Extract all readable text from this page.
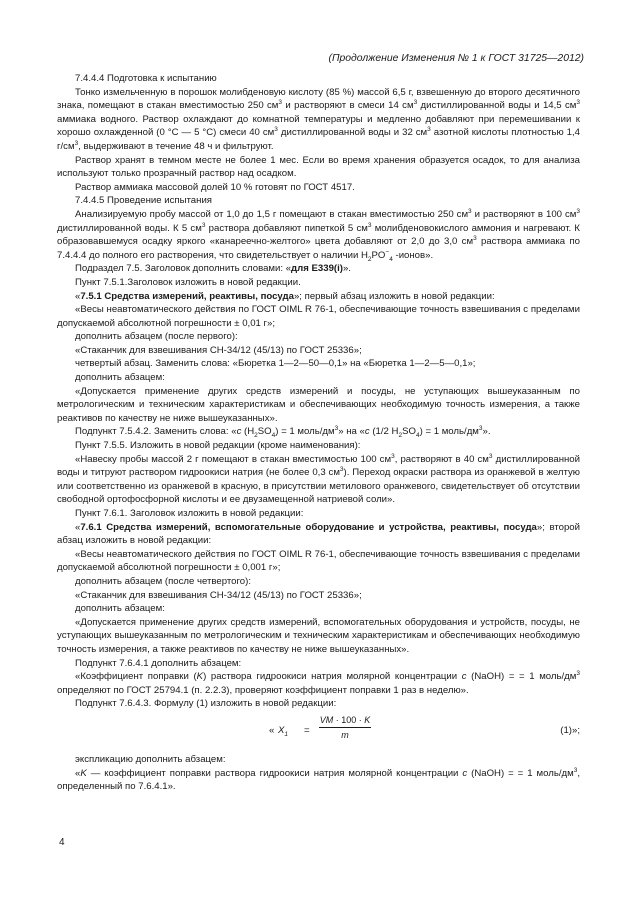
(Продолжение Изменения № 1 к ГОСТ 31725—2012)

7.4.4.4 Подготовка к испытанию

Тонко измельченную в порошок молибденовую кислоту (85 %) массой 6,5 г, взвешенную до второго десятичного знака, помещают в стакан вместимостью 250 $см^3$ и растворяют в смеси 14 $см^3$ дистиллированной воды и 14,5 $см^3$ аммиака водного. Раствор охлаждают до комнатной температуры и медленно добавляют при перемешивании к хорошо охлажденной (0 °С — 5 °С) смеси 40 $см^3$ дистиллированной воды и 32 $см^3$ азотной кислоты плотностью 1,4 $г/см^3$, выдерживают в течение 48 ч и фильтруют.

Раствор хранят в темном месте не более 1 мес. Если во время хранения образуется осадок, то для анализа используют только прозрачный раствор над осадком.

Раствор аммиака массовой долей 10 % готовят по ГОСТ 4517.

7.4.4.5 Проведение испытания

Анализируемую пробу массой от 1,0 до 1,5 г помещают в стакан вместимостью 250 $см^3$ и растворяют в 100 $см^3$ дистиллированной воды. К 5 $см^3$ раствора добавляют пипеткой 5 $см^3$ молибденовокислого аммония и нагревают. К образовавшемуся осадку яркого «канареечно-желтого» цвета добавляют от 2,0 до 3,0 $см^3$ раствора аммиака по 7.4.4.4 до полного его растворения, что свидетельствует о наличии $H_2PO^-_4$ -ионов».

Подраздел 7.5. Заголовок дополнить словами: «для Е339(i)».

Пункт 7.5.1.Заголовок изложить в новой редакции.

«7.5.1 Средства измерений, реактивы, посуда»; первый абзац изложить в новой редакции:

«Весы неавтоматического действия по ГОСТ OIML R 76-1, обеспечивающие точность взвешивания с пределами допускаемой абсолютной погрешности ± 0,01 г»;

дополнить абзацем (после первого):

«Стаканчик для взвешивания СН-34/12 (45/13) по ГОСТ 25336»;

четвертый абзац. Заменить слова: «Бюретка 1—2—50—0,1» на «Бюретка 1—2—5—0,1»;

дополнить абзацем:

«Допускается применение других средств измерений и посуды, не уступающих вышеуказанным по метрологическим и техническим характеристикам и обеспечивающих необходимую точность измерения, а также реактивов по качеству не ниже вышеуказанных».

Подпункт 7.5.4.2. Заменить слова: «c $(H_2SO_4) = 1$ моль/$дм^3$» на «c (1/2 $H_2SO_4) = 1$ моль/$дм^3$».

Пункт 7.5.5. Изложить в новой редакции (кроме наименования):

«Навеску пробы массой 2 г помещают в стакан вместимостью 100 $см^3$, растворяют в 40 $см^3$ дистиллированной воды и титруют раствором гидроокиси натрия (не более 0,3 $см^3$). Переход окраски раствора из оранжевой в желтую или соответственно из оранжевой в красную, в присутствии метилового оранжевого, свидетельствует об отсутствии свободной ортофосфорной кислоты и ее двузамещенной натриевой соли».

Пункт 7.6.1. Заголовок изложить в новой редакции:

«7.6.1 Средства измерений, вспомогательные оборудование и устройства, реактивы, посуда»; второй абзац изложить в новой редакции:

«Весы неавтоматического действия по ГОСТ OIML R 76-1, обеспечивающие точность взвешивания с пределами допускаемой абсолютной погрешности ± 0,001 г»;

дополнить абзацем (после четвертого):

«Стаканчик для взвешивания СН-34/12 (45/13) по ГОСТ 25336»;

дополнить абзацем:

«Допускается применение других средств измерений, вспомогательных оборудования и устройств, посуды, не уступающих вышеуказанным по метрологическим и техническим характеристикам и обеспечивающих необходимую точность измерения, а также реактивов по качеству не ниже вышеуказанных».

Подпункт 7.6.4.1 дополнить абзацем:

«Коэффициент поправки (K) раствора гидроокиси натрия молярной концентрации c (NaOH) = = 1 моль/$дм^3$ определяют по ГОСТ 25794.1 (п. 2.2.3), проверяют коэффициент поправки 1 раз в неделю».

Подпункт 7.6.4.3. Формулу (1) изложить в новой редакции:

« $X_1$ =
VM · 100 · K
m	(1)»;

экспликацию дополнить абзацем:

«K — коэффициент поправки раствора гидроокиси натрия молярной концентрации c (NaOH) = = 1 моль/$дм^3$, определенный по 7.6.4.1».

4
